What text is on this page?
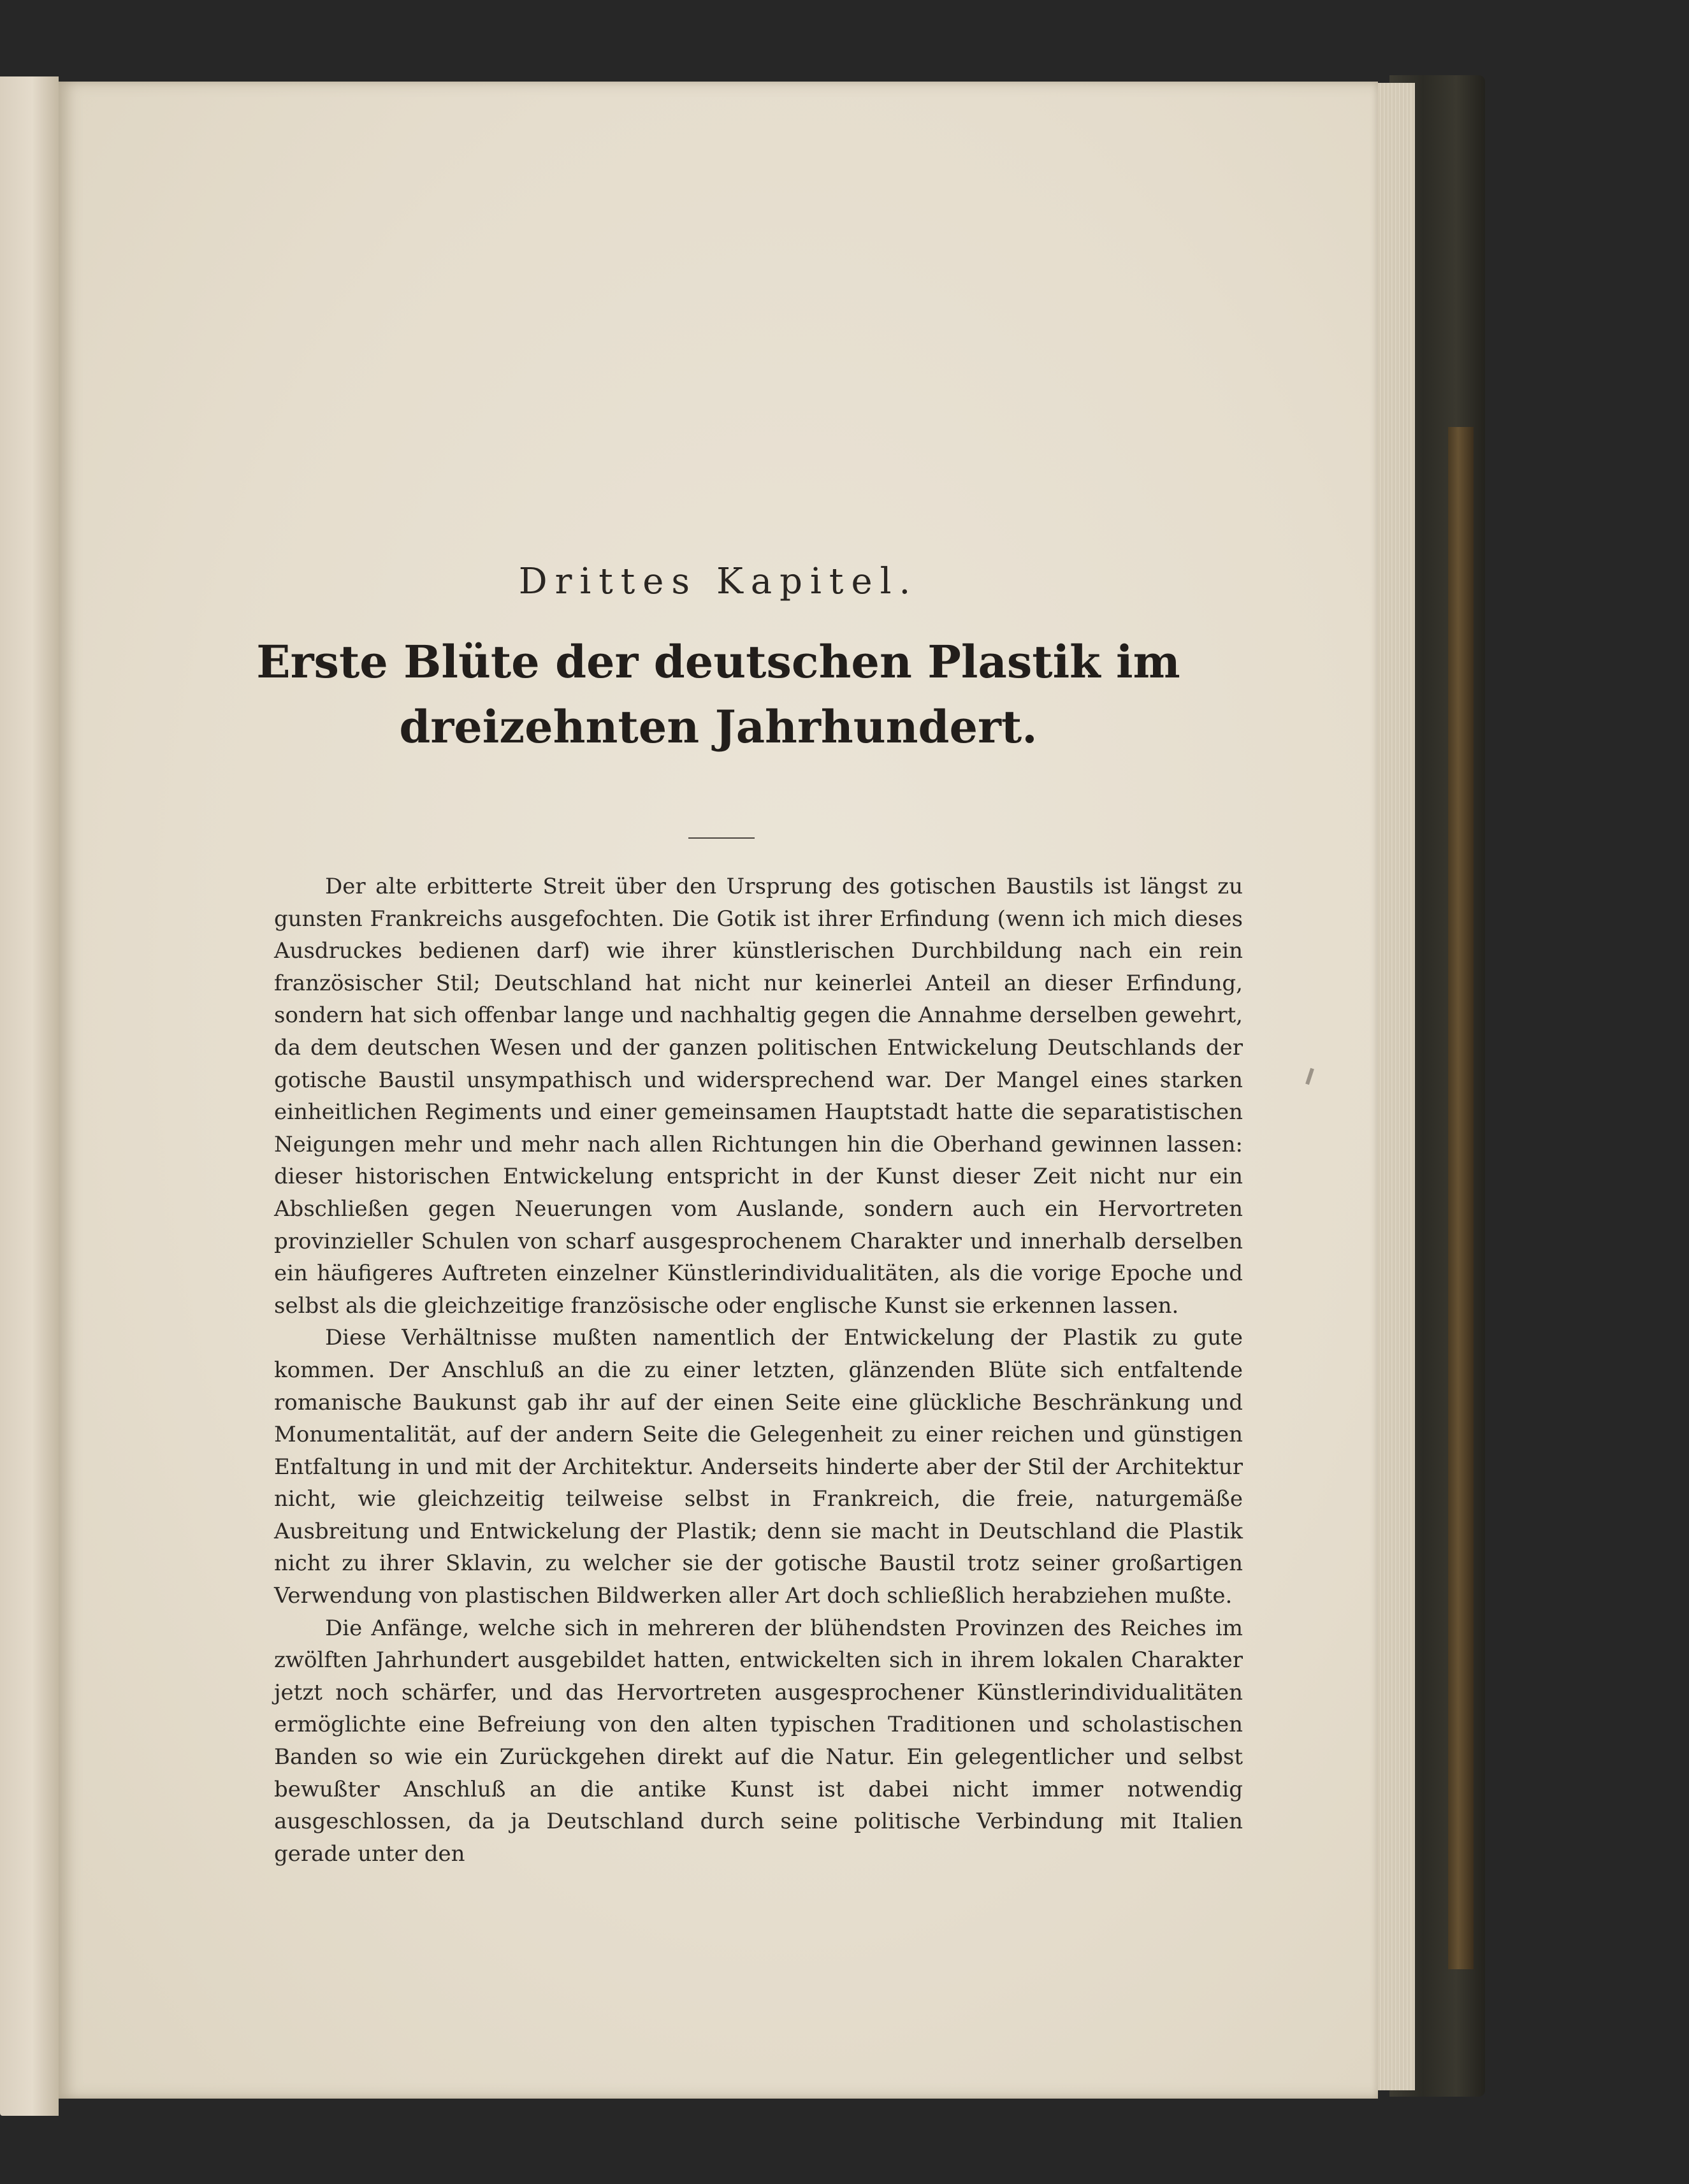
Drittes Kapitel.
Erste Blüte der deutschen Plastik im dreizehnten Jahrhundert.

Der alte erbitterte Streit über den Ursprung des gotischen Baustils ist längst zu gunsten Frankreichs ausgefochten. Die Gotik ist ihrer Erfindung (wenn ich mich dieses Ausdruckes bedienen darf) wie ihrer künstlerischen Durchbildung nach ein rein französischer Stil; Deutschland hat nicht nur keinerlei Anteil an dieser Erfindung, sondern hat sich offenbar lange und nachhaltig gegen die Annahme derselben gewehrt, da dem deutschen Wesen und der ganzen politischen Entwickelung Deutschlands der gotische Baustil unsympathisch und widersprechend war. Der Mangel eines starken einheitlichen Regiments und einer gemeinsamen Hauptstadt hatte die separatistischen Neigungen mehr und mehr nach allen Richtungen hin die Oberhand gewinnen lassen: dieser historischen Entwickelung entspricht in der Kunst dieser Zeit nicht nur ein Abschließen gegen Neuerungen vom Auslande, sondern auch ein Hervortreten provinzieller Schulen von scharf ausgesprochenem Charakter und innerhalb derselben ein häufigeres Auftreten einzelner Künstlerindividualitäten, als die vorige Epoche und selbst als die gleichzeitige französische oder englische Kunst sie erkennen lassen.

Diese Verhältnisse mußten namentlich der Entwickelung der Plastik zu gute kommen. Der Anschluß an die zu einer letzten, glänzenden Blüte sich entfaltende romanische Baukunst gab ihr auf der einen Seite eine glückliche Beschränkung und Monumentalität, auf der andern Seite die Gelegenheit zu einer reichen und günstigen Entfaltung in und mit der Architektur. Anderseits hinderte aber der Stil der Architektur nicht, wie gleichzeitig teilweise selbst in Frankreich, die freie, naturgemäße Ausbreitung und Entwickelung der Plastik; denn sie macht in Deutschland die Plastik nicht zu ihrer Sklavin, zu welcher sie der gotische Baustil trotz seiner großartigen Verwendung von plastischen Bildwerken aller Art doch schließlich herabziehen mußte.

Die Anfänge, welche sich in mehreren der blühendsten Provinzen des Reiches im zwölften Jahrhundert ausgebildet hatten, entwickelten sich in ihrem lokalen Charakter jetzt noch schärfer, und das Hervortreten ausgesprochener Künstlerindividualitäten ermöglichte eine Befreiung von den alten typischen Traditionen und scholastischen Banden so wie ein Zurückgehen direkt auf die Natur. Ein gelegentlicher und selbst bewußter Anschluß an die antike Kunst ist dabei nicht immer notwendig ausgeschlossen, da ja Deutschland durch seine politische Verbindung mit Italien gerade unter den
